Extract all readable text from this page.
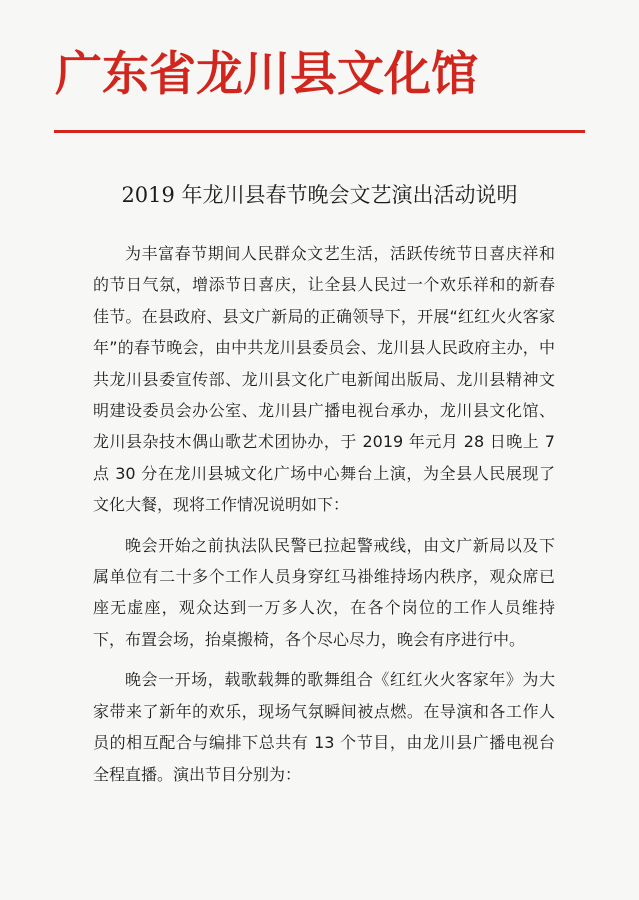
广东省龙川县文化馆
2019 年龙川县春节晚会文艺演出活动说明

为丰富春节期间人民群众文艺生活，活跃传统节日喜庆祥和的节日气氛，增添节日喜庆，让全县人民过一个欢乐祥和的新春佳节。在县政府、县文广新局的正确领导下，开展“红红火火客家年”的春节晚会，由中共龙川县委员会、龙川县人民政府主办，中共龙川县委宣传部、龙川县文化广电新闻出版局、龙川县精神文明建设委员会办公室、龙川县广播电视台承办，龙川县文化馆、龙川县杂技木偶山歌艺术团协办，于 2019 年元月 28 日晚上 7 点 30 分在龙川县城文化广场中心舞台上演，为全县人民展现了文化大餐，现将工作情况说明如下：

晚会开始之前执法队民警已拉起警戒线，由文广新局以及下属单位有二十多个工作人员身穿红马褂维持场内秩序，观众席已座无虚座，观众达到一万多人次，在各个岗位的工作人员维持下，布置会场，抬桌搬椅，各个尽心尽力，晚会有序进行中。

晚会一开场，载歌载舞的歌舞组合《红红火火客家年》为大家带来了新年的欢乐，现场气氛瞬间被点燃。在导演和各工作人员的相互配合与编排下总共有 13 个节目，由龙川县广播电视台全程直播。演出节目分别为：
